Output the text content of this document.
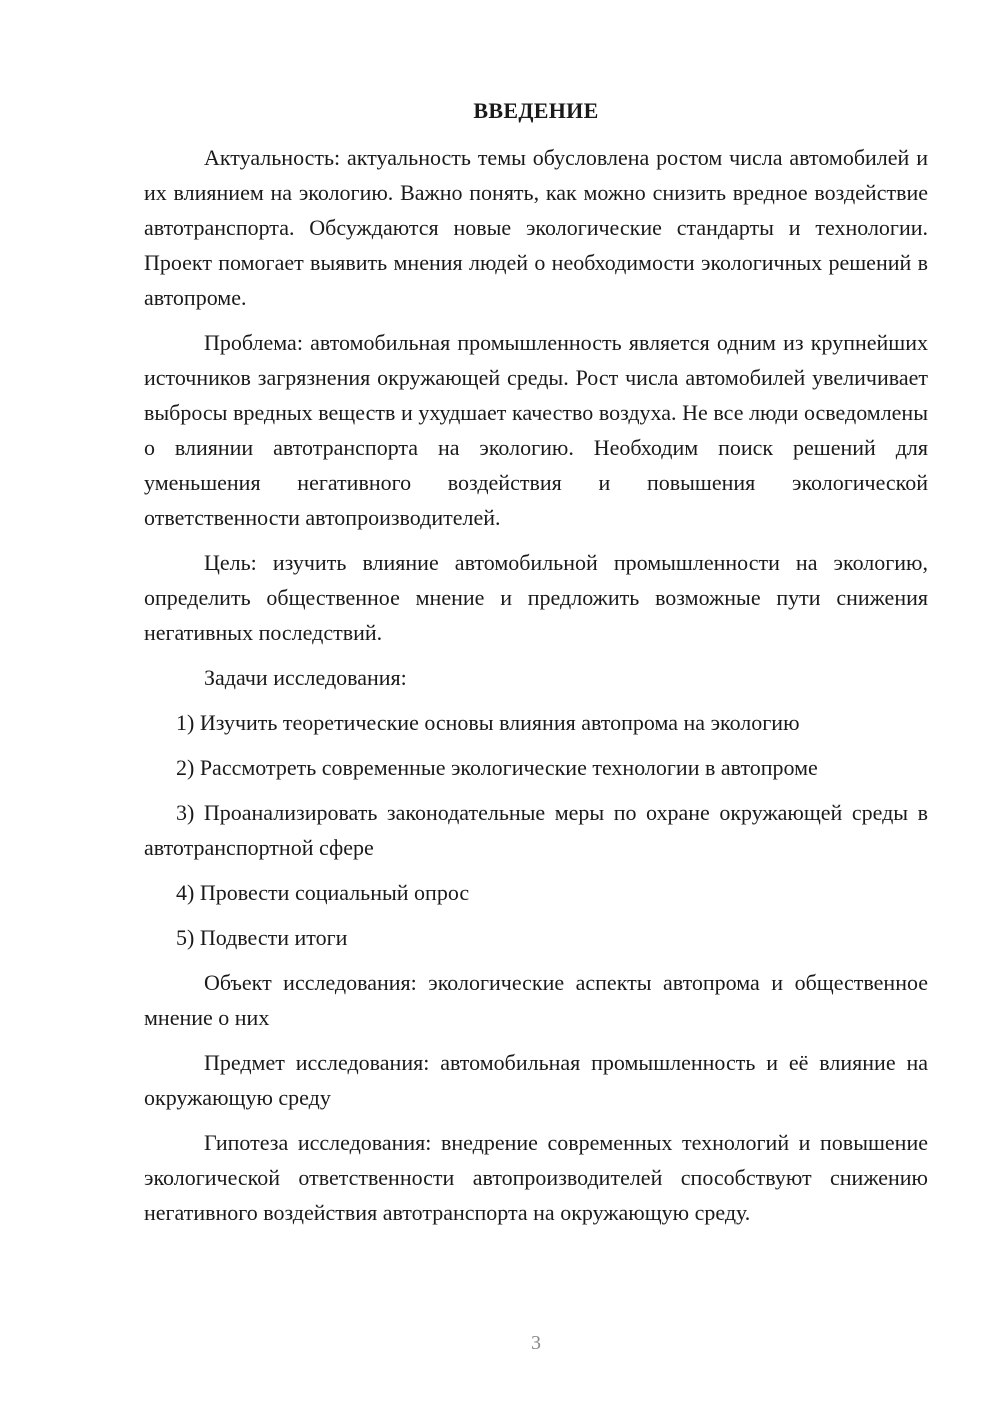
ВВЕДЕНИЕ

Актуальность: актуальность темы обусловлена ростом числа автомобилей и их влиянием на экологию. Важно понять, как можно снизить вредное воздействие автотранспорта. Обсуждаются новые экологические стандарты и технологии. Проект помогает выявить мнения людей о необходимости экологичных решений в автопроме.

Проблема: автомобильная промышленность является одним из крупнейших источников загрязнения окружающей среды. Рост числа автомобилей увеличивает выбросы вредных веществ и ухудшает качество воздуха. Не все люди осведомлены о влиянии автотранспорта на экологию. Необходим поиск решений для уменьшения негативного воздействия и повышения экологической ответственности автопроизводителей.

Цель: изучить влияние автомобильной промышленности на экологию, определить общественное мнение и предложить возможные пути снижения негативных последствий.

Задачи исследования:

1) Изучить теоретические основы влияния автопрома на экологию

2) Рассмотреть современные экологические технологии в автопроме

3) Проанализировать законодательные меры по охране окружающей среды в автотранспортной сфере

4) Провести социальный опрос

5) Подвести итоги

Объект исследования: экологические аспекты автопрома и общественное мнение о них

Предмет исследования: автомобильная промышленность и её влияние на окружающую среду

Гипотеза исследования: внедрение современных технологий и повышение экологической ответственности автопроизводителей способствуют снижению негативного воздействия автотранспорта на окружающую среду.

3
